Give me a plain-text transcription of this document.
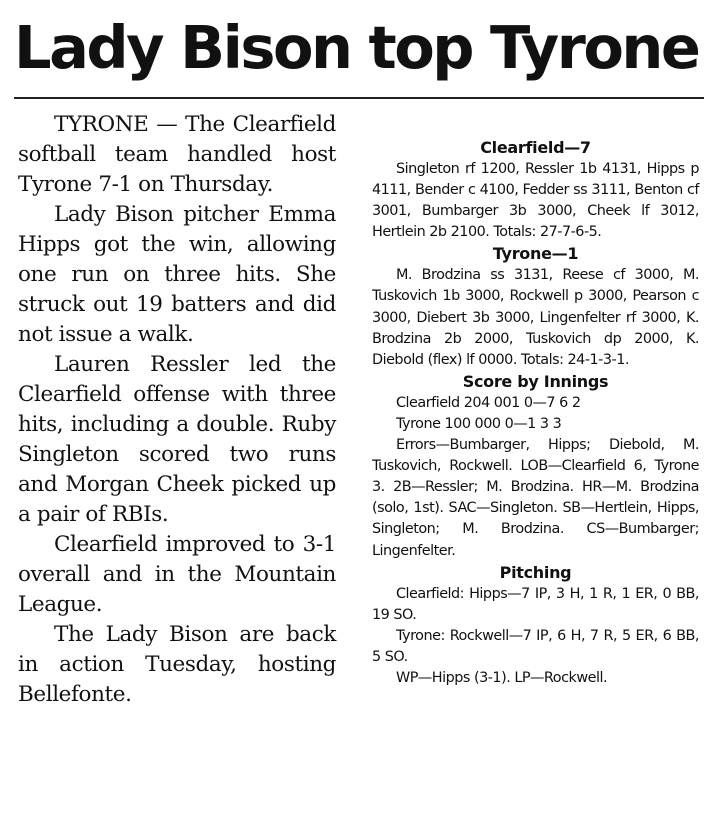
Lady Bison top Tyrone

TYRONE — The Clearfield softball team handled host Tyrone 7-1 on Thursday.

Lady Bison pitcher Emma Hipps got the win, allowing one run on three hits. She struck out 19 batters and did not issue a walk.

Lauren Ressler led the Clearfield offense with three hits, including a double. Ruby Singleton scored two runs and Morgan Cheek picked up a pair of RBIs.

Clearfield improved to 3-1 overall and in the Mountain League.

The Lady Bison are back in action Tuesday, hosting Bellefonte.

Clearfield—7

Singleton rf 1200, Ressler 1b 4131, Hipps p 4111, Bender c 4100, Fedder ss 3111, Benton cf 3001, Bumbarger 3b 3000, Cheek lf 3012, Hertlein 2b 2100. Totals: 27-7-6-5.

Tyrone—1

M. Brodzina ss 3131, Reese cf 3000, M. Tuskovich 1b 3000, Rockwell p 3000, Pearson c 3000, Diebert 3b 3000, Lingenfelter rf 3000, K. Brodzina 2b 2000, Tuskovich dp 2000, K. Diebold (flex) lf 0000. Totals: 24-1-3-1.

Score by Innings
Clearfield 204 001 0—7 6 2
Tyrone 100 000 0—1 3 3

Errors—Bumbarger, Hipps; Diebold, M. Tuskovich, Rockwell. LOB—Clearfield 6, Tyrone 3. 2B—Ressler; M. Brodzina. HR—M. Brodzina (solo, 1st). SAC—Singleton. SB—Hertlein, Hipps, Singleton; M. Brodzina. CS—Bumbarger; Lingenfelter.

Pitching

Clearfield: Hipps—7 IP, 3 H, 1 R, 1 ER, 0 BB, 19 SO.

Tyrone: Rockwell—7 IP, 6 H, 7 R, 5 ER, 6 BB, 5 SO.

WP—Hipps (3-1). LP—Rockwell.
